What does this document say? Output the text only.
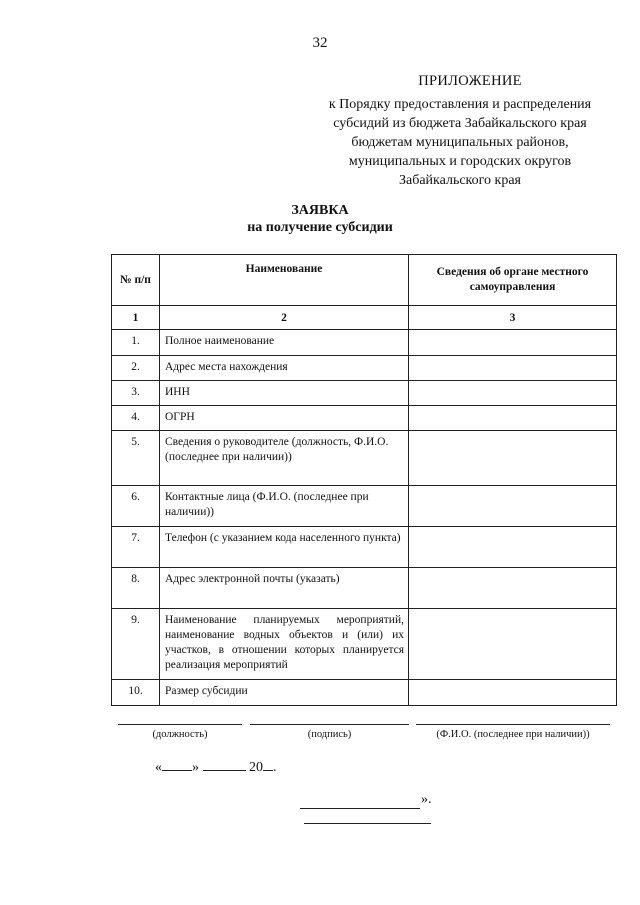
32
ПРИЛОЖЕНИЕ
к Порядку предоставления и распределения
субсидий из бюджета Забайкальского края
бюджетам муниципальных районов,
муниципальных и городских округов
Забайкальского края
ЗАЯВКА
на получение субсидии
№ п/п	Наименование	Сведения об органе местного самоуправления
1	2	3
1.	Полное наименование	
2.	Адрес места нахождения	
3.	ИНН	
4.	ОГРН	
5.	Сведения о руководителе (должность, Ф.И.О. (последнее при наличии))	
6.	Контактные лица (Ф.И.О. (последнее при наличии))	
7.	Телефон (с указанием кода населенного пункта)	
8.	Адрес электронной почты (указать)	
9.	Наименование планируемых мероприятий, наименование водных объектов и (или) их участков, в отношении которых планируется реализация мероприятий	
10.	Размер субсидии	
(должность)	(подпись)	(Ф.И.О. (последнее при наличии))
« »	20 .
».
